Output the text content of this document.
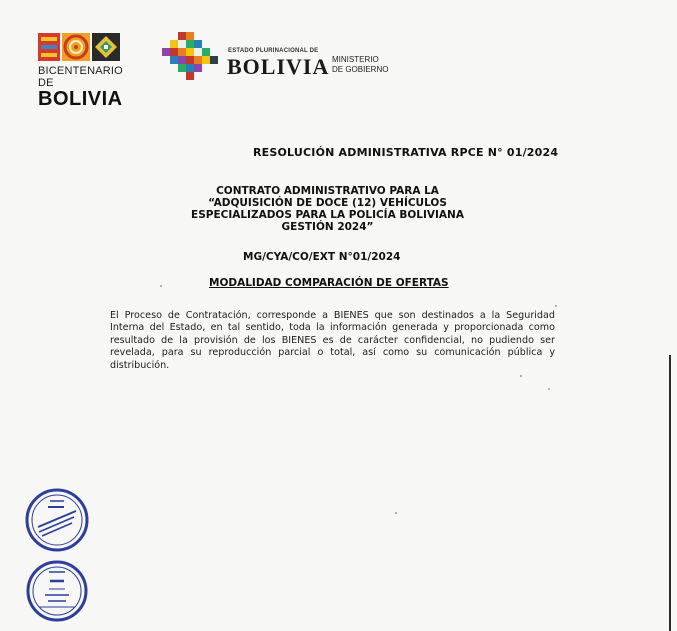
BICENTENARIO DE
BOLIVIA
ESTADO PLURINACIONAL DE
BOLIVIA MINISTERIO
DE GOBIERNO
RESOLUCIÓN ADMINISTRATIVA RPCE N° 01/2024
CONTRATO ADMINISTRATIVO PARA LA
“ADQUISICIÓN DE DOCE (12) VEHÍCULOS
ESPECIALIZADOS PARA LA POLICÍA BOLIVIANA
GESTIÓN 2024”
MG/CYA/CO/EXT N°01/2024
MODALIDAD COMPARACIÓN DE OFERTAS
El Proceso de Contratación, corresponde a BIENES que son destinados a la Seguridad Interna del Estado, en tal sentido, toda la información generada y proporcionada como resultado de la provisión de los BIENES es de carácter confidencial, no pudiendo ser revelada, para su reproducción parcial o total, así como su comunicación pública y distribución.
